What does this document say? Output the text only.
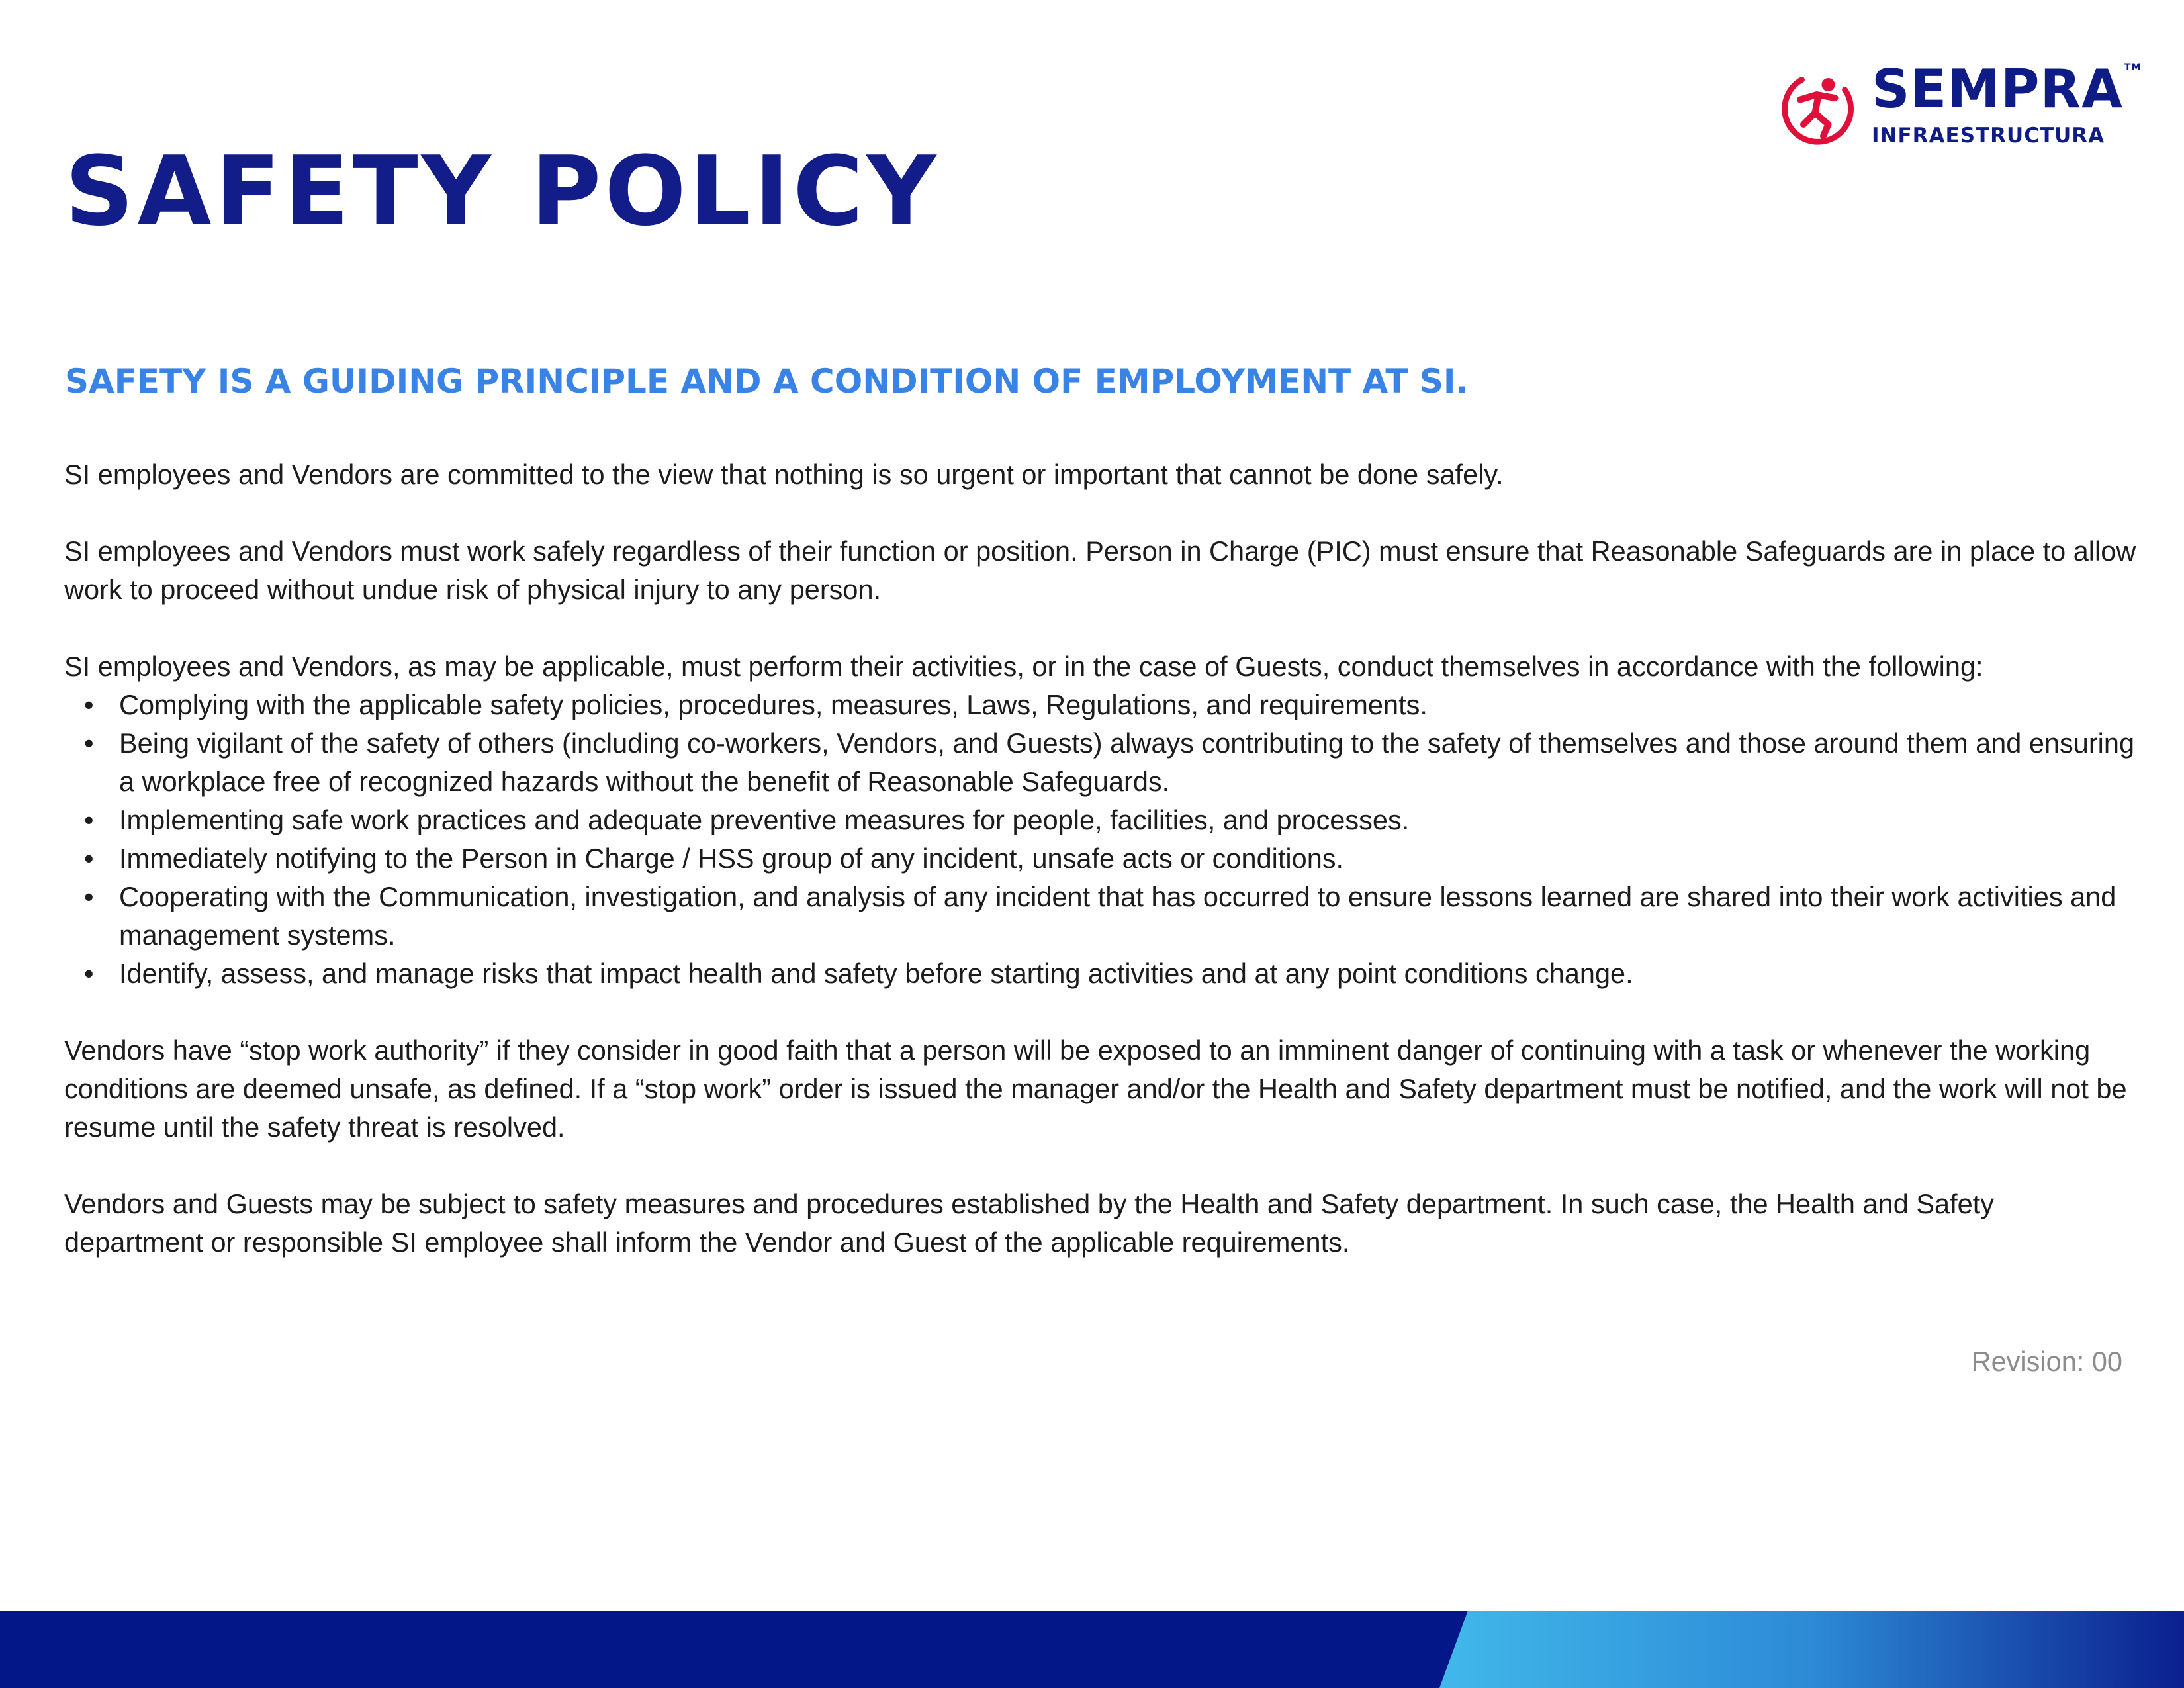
SEMPRA ™
INFRAESTRUCTURA
SAFETY POLICY
SAFETY IS A GUIDING PRINCIPLE AND A CONDITION OF EMPLOYMENT AT SI.

SI employees and Vendors are committed to the view that nothing is so urgent or important that cannot be done safely.

SI employees and Vendors must work safely regardless of their function or position. Person in Charge (PIC) must ensure that Reasonable Safeguards are in place to allow work to proceed without undue risk of physical injury to any person.

SI employees and Vendors, as may be applicable, must perform their activities, or in the case of Guests, conduct themselves in accordance with the following:

• Complying with the applicable safety policies, procedures, measures, Laws, Regulations, and requirements.
• Being vigilant of the safety of others (including co-workers, Vendors, and Guests) always contributing to the safety of themselves and those around them and ensuring a workplace free of recognized hazards without the benefit of Reasonable Safeguards.
• Implementing safe work practices and adequate preventive measures for people, facilities, and processes.
• Immediately notifying to the Person in Charge / HSS group of any incident, unsafe acts or conditions.
• Cooperating with the Communication, investigation, and analysis of any incident that has occurred to ensure lessons learned are shared into their work activities and management systems.
• Identify, assess, and manage risks that impact health and safety before starting activities and at any point conditions change.

Vendors have “stop work authority” if they consider in good faith that a person will be exposed to an imminent danger of continuing with a task or whenever the working conditions are deemed unsafe, as defined. If a “stop work” order is issued the manager and/or the Health and Safety department must be notified, and the work will not be resume until the safety threat is resolved.

Vendors and Guests may be subject to safety measures and procedures established by the Health and Safety department. In such case, the Health and Safety department or responsible SI employee shall inform the Vendor and Guest of the applicable requirements.

Revision: 00
